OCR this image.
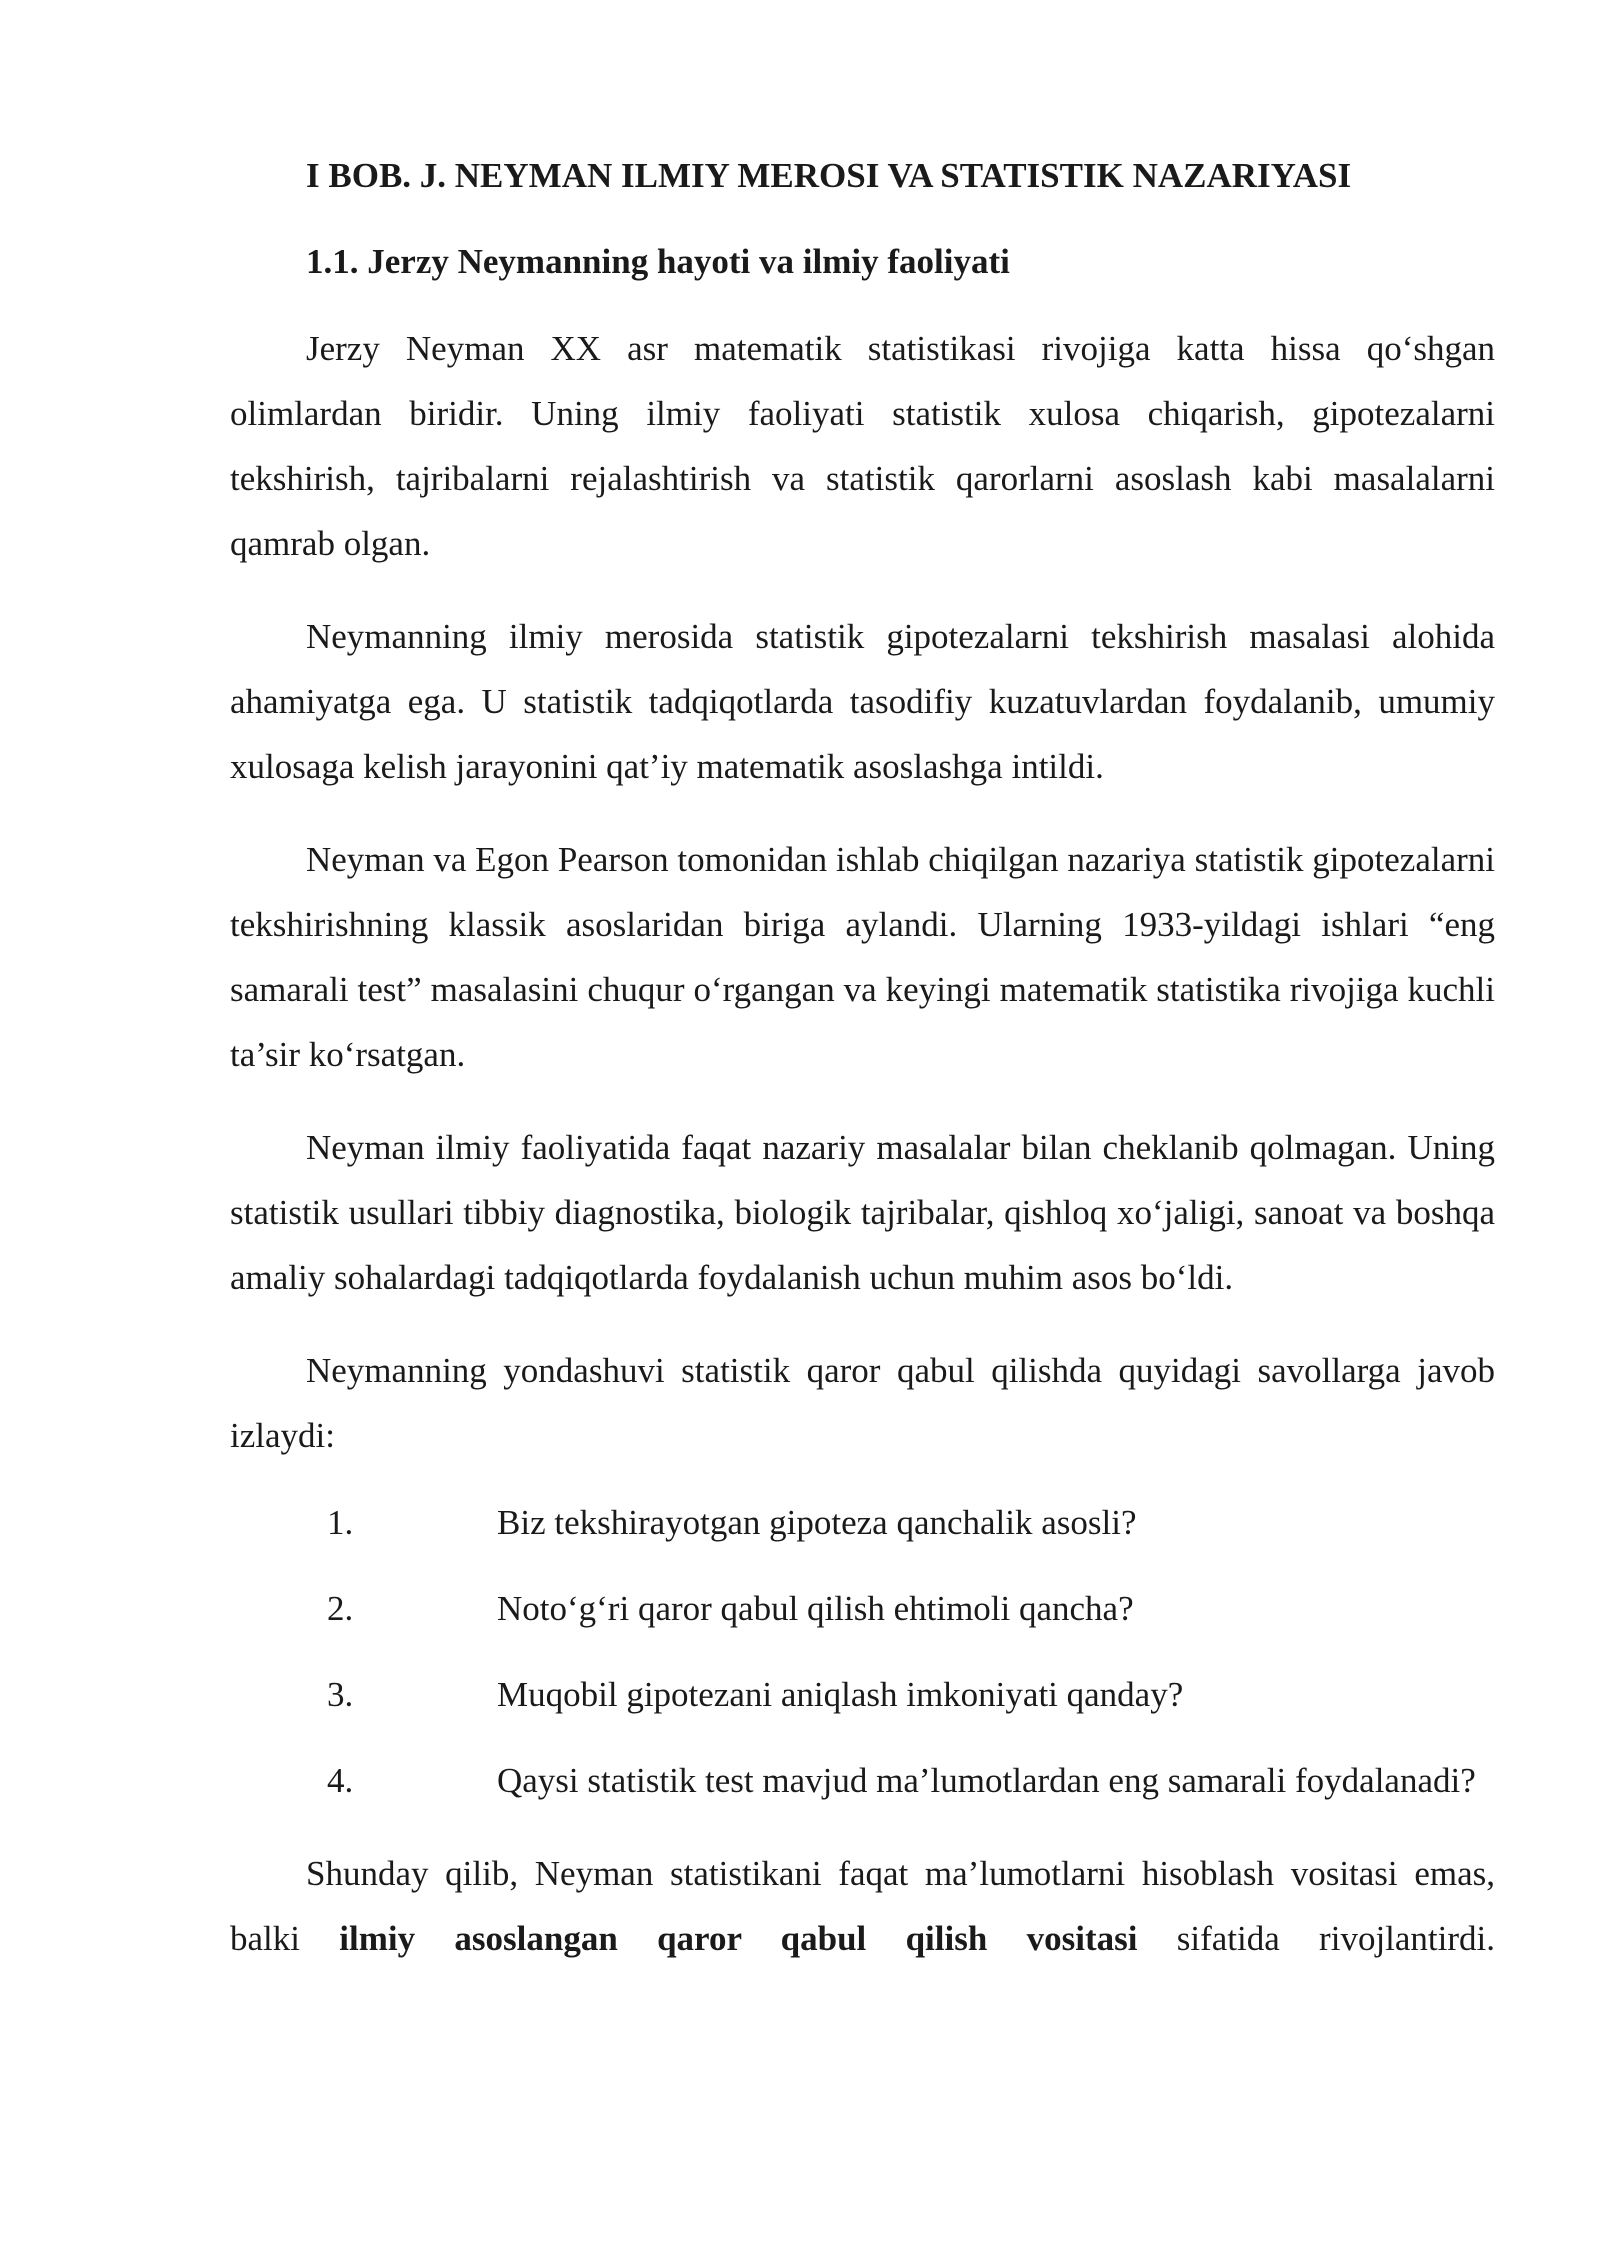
I BOB. J. NEYMAN ILMIY MEROSI VA STATISTIK NAZARIYASI
1.1. Jerzy Neymanning hayoti va ilmiy faoliyati

Jerzy Neyman XX asr matematik statistikasi rivojiga katta hissa qo‘shgan olimlardan biridir. Uning ilmiy faoliyati statistik xulosa chiqarish, gipotezalarni tekshirish, tajribalarni rejalashtirish va statistik qarorlarni asoslash kabi masalalarni qamrab olgan.

Neymanning ilmiy merosida statistik gipotezalarni tekshirish masalasi alohida ahamiyatga ega. U statistik tadqiqotlarda tasodifiy kuzatuvlardan foydalanib, umumiy xulosaga kelish jarayonini qat’iy matematik asoslashga intildi.

Neyman va Egon Pearson tomonidan ishlab chiqilgan nazariya statistik gipotezalarni tekshirishning klassik asoslaridan biriga aylandi. Ularning 1933-yildagi ishlari “eng samarali test” masalasini chuqur o‘rgangan va keyingi matematik statistika rivojiga kuchli ta’sir ko‘rsatgan.

Neyman ilmiy faoliyatida faqat nazariy masalalar bilan cheklanib qolmagan. Uning statistik usullari tibbiy diagnostika, biologik tajribalar, qishloq xo‘jaligi, sanoat va boshqa amaliy sohalardagi tadqiqotlarda foydalanish uchun muhim asos bo‘ldi.

Neymanning yondashuvi statistik qaror qabul qilishda quyidagi savollarga javob izlaydi:

1.	Biz tekshirayotgan gipoteza qanchalik asosli?
2.	Noto‘g‘ri qaror qabul qilish ehtimoli qancha?
3.	Muqobil gipotezani aniqlash imkoniyati qanday?
4.	Qaysi statistik test mavjud ma’lumotlardan eng samarali foydalanadi?

Shunday qilib, Neyman statistikani faqat ma’lumotlarni hisoblash vositasi emas, balki ilmiy asoslangan qaror qabul qilish vositasi sifatida rivojlantirdi.
